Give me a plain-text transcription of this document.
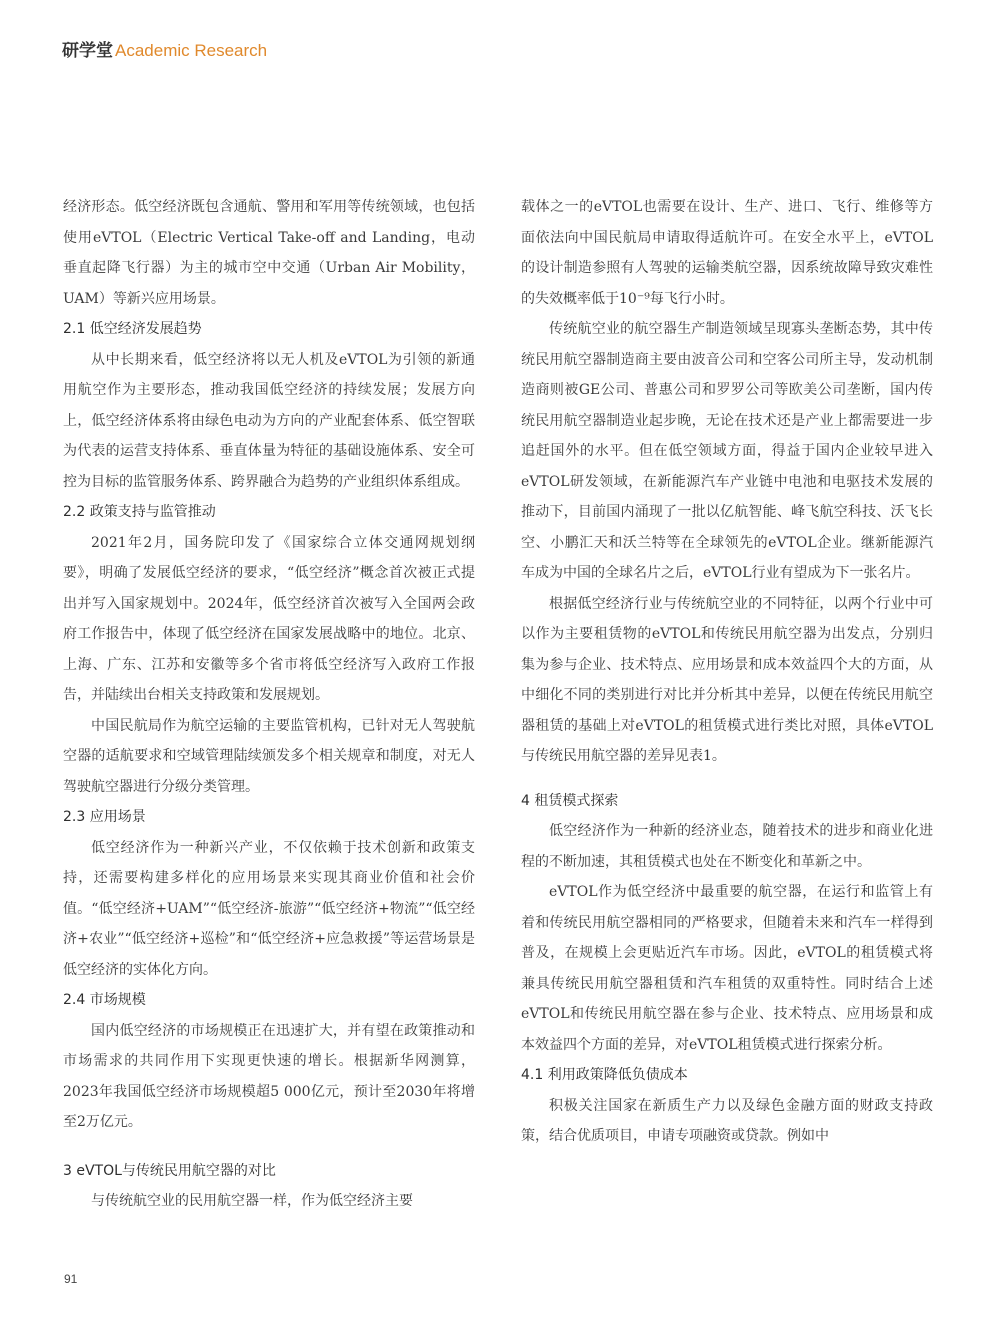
研学堂 Academic Research

经济形态。低空经济既包含通航、警用和军用等传统领域，也包括使用eVTOL（Electric Vertical Take-off and Landing，电动垂直起降飞行器）为主的城市空中交通（Urban Air Mobility，UAM）等新兴应用场景。

2.1 低空经济发展趋势

从中长期来看，低空经济将以无人机及eVTOL为引领的新通用航空作为主要形态，推动我国低空经济的持续发展；发展方向上，低空经济体系将由绿色电动为方向的产业配套体系、低空智联为代表的运营支持体系、垂直体量为特征的基础设施体系、安全可控为目标的监管服务体系、跨界融合为趋势的产业组织体系组成。

2.2 政策支持与监管推动

2021年2月，国务院印发了《国家综合立体交通网规划纲要》，明确了发展低空经济的要求，“低空经济”概念首次被正式提出并写入国家规划中。2024年，低空经济首次被写入全国两会政府工作报告中，体现了低空经济在国家发展战略中的地位。北京、上海、广东、江苏和安徽等多个省市将低空经济写入政府工作报告，并陆续出台相关支持政策和发展规划。

中国民航局作为航空运输的主要监管机构，已针对无人驾驶航空器的适航要求和空域管理陆续颁发多个相关规章和制度，对无人驾驶航空器进行分级分类管理。

2.3 应用场景

低空经济作为一种新兴产业，不仅依赖于技术创新和政策支持，还需要构建多样化的应用场景来实现其商业价值和社会价值。“低空经济+UAM”“低空经济-旅游”“低空经济+物流”“低空经济+农业”“低空经济+巡检”和“低空经济+应急救援”等运营场景是低空经济的实体化方向。

2.4 市场规模

国内低空经济的市场规模正在迅速扩大，并有望在政策推动和市场需求的共同作用下实现更快速的增长。根据新华网测算，2023年我国低空经济市场规模超5 000亿元，预计至2030年将增至2万亿元。

3 eVTOL与传统民用航空器的对比

与传统航空业的民用航空器一样，作为低空经济主要

载体之一的eVTOL也需要在设计、生产、进口、飞行、维修等方面依法向中国民航局申请取得适航许可。在安全水平上，eVTOL的设计制造参照有人驾驶的运输类航空器，因系统故障导致灾难性的失效概率低于10⁻⁹每飞行小时。

传统航空业的航空器生产制造领域呈现寡头垄断态势，其中传统民用航空器制造商主要由波音公司和空客公司所主导，发动机制造商则被GE公司、普惠公司和罗罗公司等欧美公司垄断，国内传统民用航空器制造业起步晚，无论在技术还是产业上都需要进一步追赶国外的水平。但在低空领域方面，得益于国内企业较早进入eVTOL研发领域，在新能源汽车产业链中电池和电驱技术发展的推动下，目前国内涌现了一批以亿航智能、峰飞航空科技、沃飞长空、小鹏汇天和沃兰特等在全球领先的eVTOL企业。继新能源汽车成为中国的全球名片之后，eVTOL行业有望成为下一张名片。

根据低空经济行业与传统航空业的不同特征，以两个行业中可以作为主要租赁物的eVTOL和传统民用航空器为出发点，分别归集为参与企业、技术特点、应用场景和成本效益四个大的方面，从中细化不同的类别进行对比并分析其中差异，以便在传统民用航空器租赁的基础上对eVTOL的租赁模式进行类比对照，具体eVTOL与传统民用航空器的差异见表1。

4 租赁模式探索

低空经济作为一种新的经济业态，随着技术的进步和商业化进程的不断加速，其租赁模式也处在不断变化和革新之中。

eVTOL作为低空经济中最重要的航空器，在运行和监管上有着和传统民用航空器相同的严格要求，但随着未来和汽车一样得到普及，在规模上会更贴近汽车市场。因此，eVTOL的租赁模式将兼具传统民用航空器租赁和汽车租赁的双重特性。同时结合上述eVTOL和传统民用航空器在参与企业、技术特点、应用场景和成本效益四个方面的差异，对eVTOL租赁模式进行探索分析。

4.1 利用政策降低负债成本

积极关注国家在新质生产力以及绿色金融方面的财政支持政策，结合优质项目，申请专项融资或贷款。例如中

91
